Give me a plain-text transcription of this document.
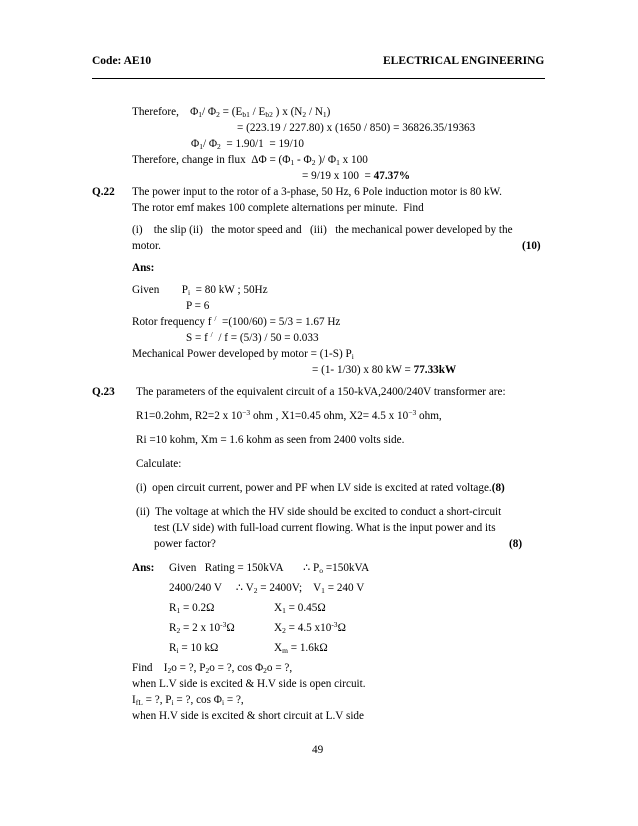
Code: AE10	ELECTRICAL ENGINEERING
Therefore,    $\Phi_1/$ $\Phi_2 = (E_{b1} / E_{b2}$ ) x $(N_2 / N_1)$
= (223.19 / 227.80) x (1650 / 850) = 36826.35/19363
$\Phi_1/$ $\Phi_2 = 1.90/1 = 19/10$
Therefore, change in flux  $\Delta\Phi = (\Phi_1 - \Phi_2$ )/ $\Phi_1$ x 100
= 9/19 x 100  = 47.37%
Q.22 The power input to the rotor of a 3-phase, 50 Hz, 6 Pole induction motor is 80 kW.
The rotor emf makes 100 complete alternations per minute.  Find
(i)    the slip (ii)   the motor speed and   (iii)   the mechanical power developed by the
motor.	(10)
Ans:
Given        $P_i = 80$ kW ; 50Hz
P = 6
Rotor frequency f /  =(100/60) = 5/3 = 1.67 Hz
S = f /  / f = (5/3) / 50 = 0.033
Mechanical Power developed by motor = (1-S) $P_i$
= (1- 1/30) x 80 kW = 77.33kW
Q.23 The parameters of the equivalent circuit of a 150-kVA,2400/240V transformer are:
R1=0.2ohm, R2=2 x $10^{-3}$ ohm , X1=0.45 ohm, X2= 4.5 x $10^{-3}$ ohm,
Ri =10 kohm, Xm = 1.6 kohm as seen from 2400 volts side.
Calculate:
(i)  open circuit current, power and PF when LV side is excited at rated voltage.(8)
(ii)  The voltage at which the HV side should be excited to conduct a short-circuit
test (LV side) with full-load current flowing. What is the input power and its
power factor?	(8)
Ans: Given   Rating = 150kVA       ∴ $P_o =150kVA$
2400/240 V     ∴ $V_2 = 2400V$;    $V_1 = 240$ V
$R_1 = 0.2\Omega$	$X_1 = 0.45\Omega$
$R_2 = 2$ x $10^{-3}\Omega$	$X_2 = 4.5$ $x10^{-3}\Omega$
$R_i = 10$ kΩ	$X_m = 1.6k\Omega$
Find    $I_2o$ = ?, $P_2o$ = ?, $\cos \Phi_2o$ = ?,
when L.V side is excited & H.V side is open circuit.
$I_{fL}$ = ?, $P_i$ = ?, $\cos \Phi_i$ = ?,
when H.V side is excited & short circuit at L.V side
49
